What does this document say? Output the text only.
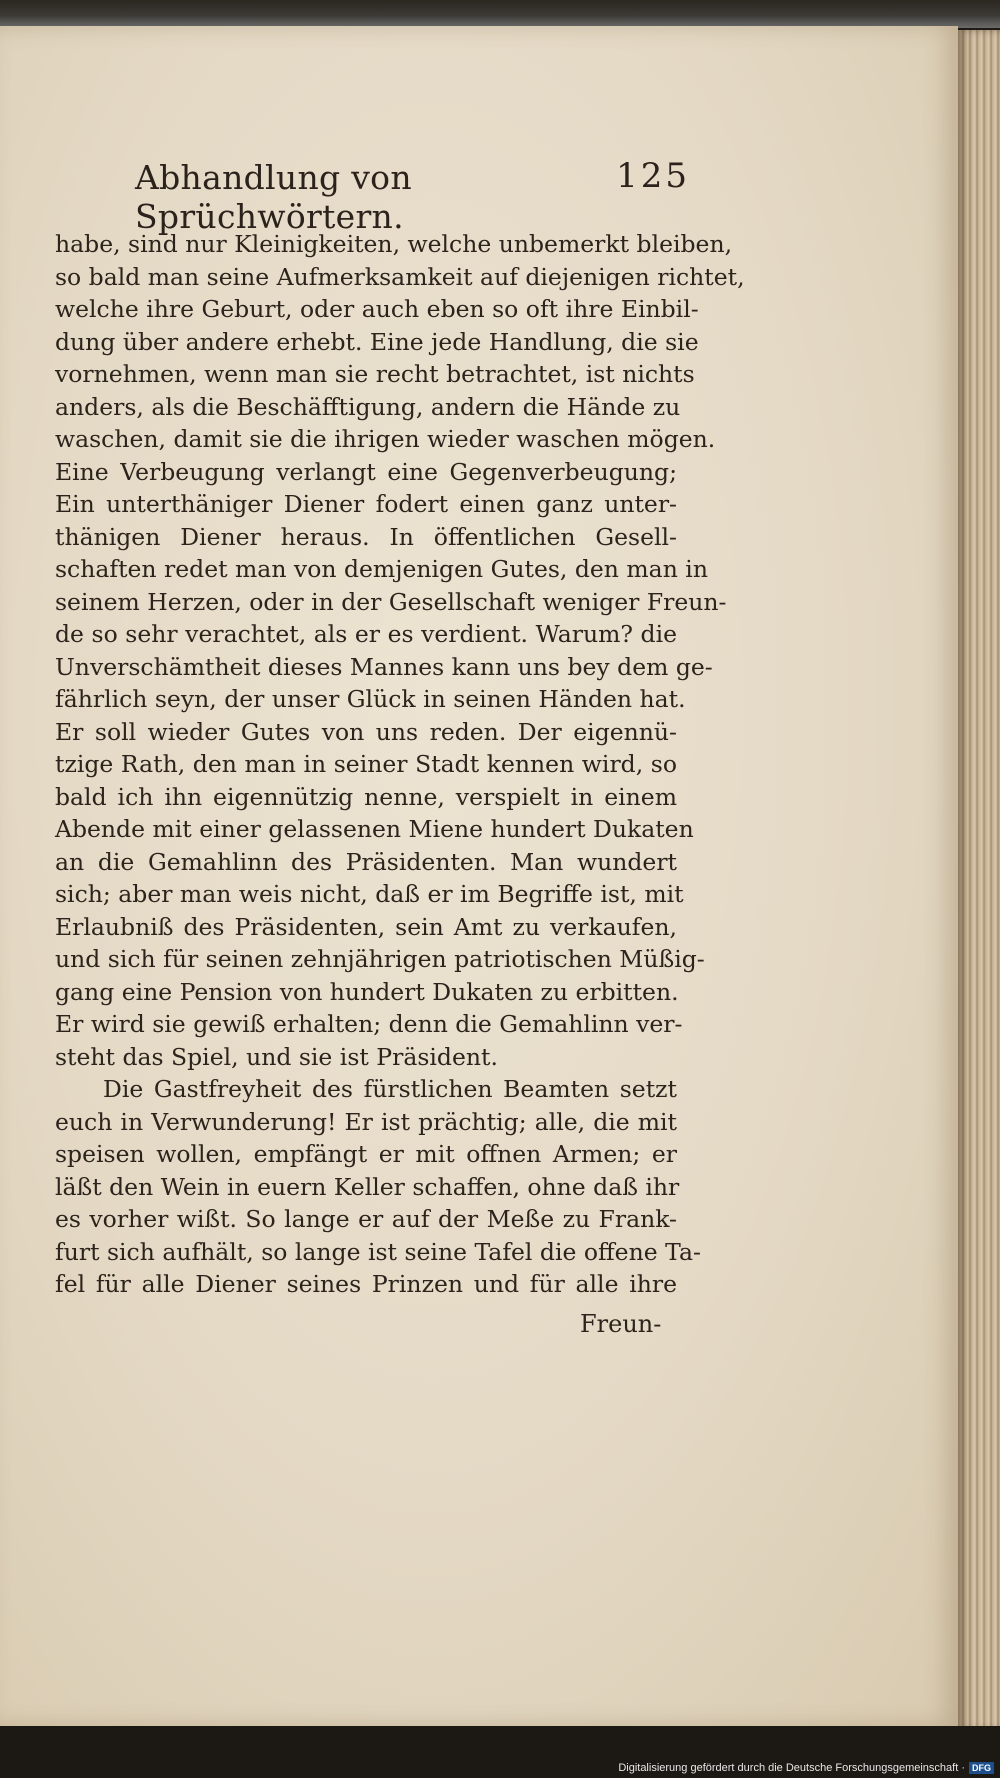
Abhandlung von Sprüchwörtern.
125
habe, sind nur Kleinigkeiten, welche unbemerkt bleiben,
so bald man seine Aufmerksamkeit auf diejenigen richtet,
welche ihre Geburt, oder auch eben so oft ihre Einbil-
dung über andere erhebt. Eine jede Handlung, die sie
vornehmen, wenn man sie recht betrachtet, ist nichts
anders, als die Beschäfftigung, andern die Hände zu
waschen, damit sie die ihrigen wieder waschen mögen.
Eine Verbeugung verlangt eine Gegenverbeugung;
Ein unterthäniger Diener fodert einen ganz unter-
thänigen Diener heraus. In öffentlichen Gesell-
schaften redet man von demjenigen Gutes, den man in
seinem Herzen, oder in der Gesellschaft weniger Freun-
de so sehr verachtet, als er es verdient. Warum? die
Unverschämtheit dieses Mannes kann uns bey dem ge-
fährlich seyn, der unser Glück in seinen Händen hat.
Er soll wieder Gutes von uns reden. Der eigennü-
tzige Rath, den man in seiner Stadt kennen wird, so
bald ich ihn eigennützig nenne, verspielt in einem
Abende mit einer gelassenen Miene hundert Dukaten
an die Gemahlinn des Präsidenten. Man wundert
sich; aber man weis nicht, daß er im Begriffe ist, mit
Erlaubniß des Präsidenten, sein Amt zu verkaufen,
und sich für seinen zehnjährigen patriotischen Müßig-
gang eine Pension von hundert Dukaten zu erbitten.
Er wird sie gewiß erhalten; denn die Gemahlinn ver-
steht das Spiel, und sie ist Präsident.
Die Gastfreyheit des fürstlichen Beamten setzt
euch in Verwunderung! Er ist prächtig; alle, die mit
speisen wollen, empfängt er mit offnen Armen; er
läßt den Wein in euern Keller schaffen, ohne daß ihr
es vorher wißt. So lange er auf der Meße zu Frank-
furt sich aufhält, so lange ist seine Tafel die offene Ta-
fel für alle Diener seines Prinzen und für alle ihre
Freun-
Digitalisierung gefördert durch die Deutsche Forschungsgemeinschaft · DFG
